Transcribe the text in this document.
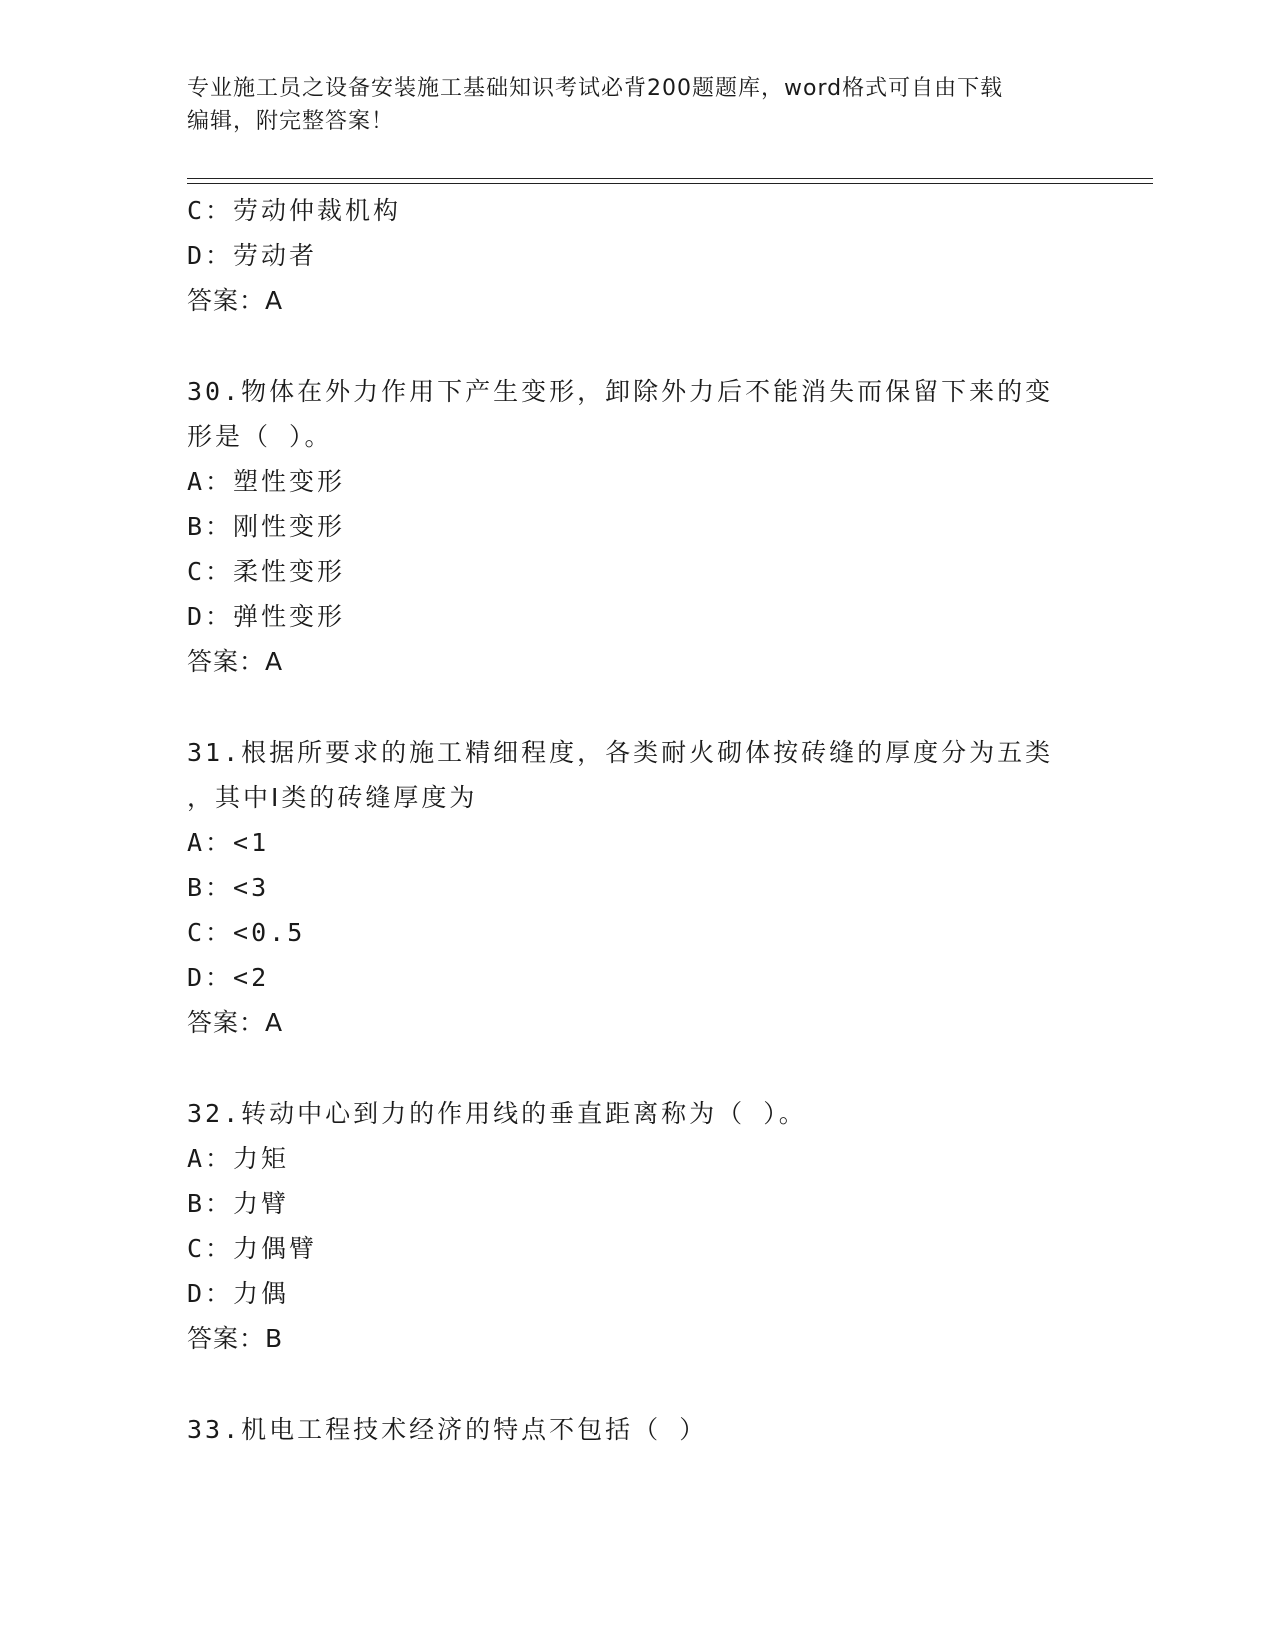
专业施工员之设备安装施工基础知识考试必背200题题库，word格式可自由下载
编辑，附完整答案！
C：劳动仲裁机构
D：劳动者
答案：A
30.物体在外力作用下产生变形，卸除外力后不能消失而保留下来的变
形是（ ）。
A：塑性变形
B：刚性变形
C：柔性变形
D：弹性变形
答案：A
31.根据所要求的施工精细程度，各类耐火砌体按砖缝的厚度分为五类
，其中Ⅰ类的砖缝厚度为
A：<1
B：<3
C：<0.5
D：<2
答案：A
32.转动中心到力的作用线的垂直距离称为（ ）。
A：力矩
B：力臂
C：力偶臂
D：力偶
答案：B
33.机电工程技术经济的特点不包括（ ）
